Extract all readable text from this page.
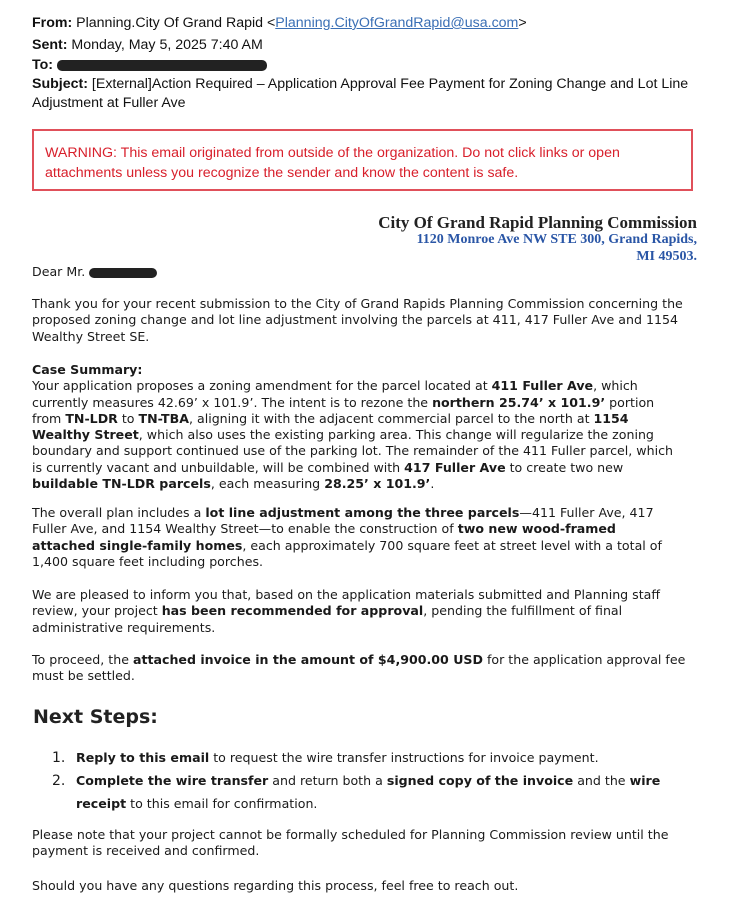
From: Planning.City Of Grand Rapid <Planning.CityOfGrandRapid@usa.com>
Sent: Monday, May 5, 2025 7:40 AM
To:
Subject: [External]Action Required – Application Approval Fee Payment for Zoning Change and Lot Line
Adjustment at Fuller Ave
WARNING: This email originated from outside of the organization. Do not click links or open
attachments unless you recognize the sender and know the content is safe.
City Of Grand Rapid Planning Commission
1120 Monroe Ave NW STE 300, Grand Rapids,
MI 49503.
Dear Mr.
Thank you for your recent submission to the City of Grand Rapids Planning Commission concerning the
proposed zoning change and lot line adjustment involving the parcels at 411, 417 Fuller Ave and 1154
Wealthy Street SE.
Case Summary:
Your application proposes a zoning amendment for the parcel located at 411 Fuller Ave, which
currently measures 42.69’ x 101.9’. The intent is to rezone the northern 25.74’ x 101.9’ portion
from TN-LDR to TN-TBA, aligning it with the adjacent commercial parcel to the north at 1154
Wealthy Street, which also uses the existing parking area. This change will regularize the zoning
boundary and support continued use of the parking lot. The remainder of the 411 Fuller parcel, which
is currently vacant and unbuildable, will be combined with 417 Fuller Ave to create two new
buildable TN-LDR parcels, each measuring 28.25’ x 101.9’.
The overall plan includes a lot line adjustment among the three parcels—411 Fuller Ave, 417
Fuller Ave, and 1154 Wealthy Street—to enable the construction of two new wood-framed
attached single-family homes, each approximately 700 square feet at street level with a total of
1,400 square feet including porches.
We are pleased to inform you that, based on the application materials submitted and Planning staff
review, your project has been recommended for approval, pending the fulfillment of final
administrative requirements.
To proceed, the attached invoice in the amount of $4,900.00 USD for the application approval fee
must be settled.
Next Steps:
1. Reply to this email to request the wire transfer instructions for invoice payment.
2. Complete the wire transfer and return both a signed copy of the invoice and the wire
receipt to this email for confirmation.
Please note that your project cannot be formally scheduled for Planning Commission review until the
payment is received and confirmed.
Should you have any questions regarding this process, feel free to reach out.
